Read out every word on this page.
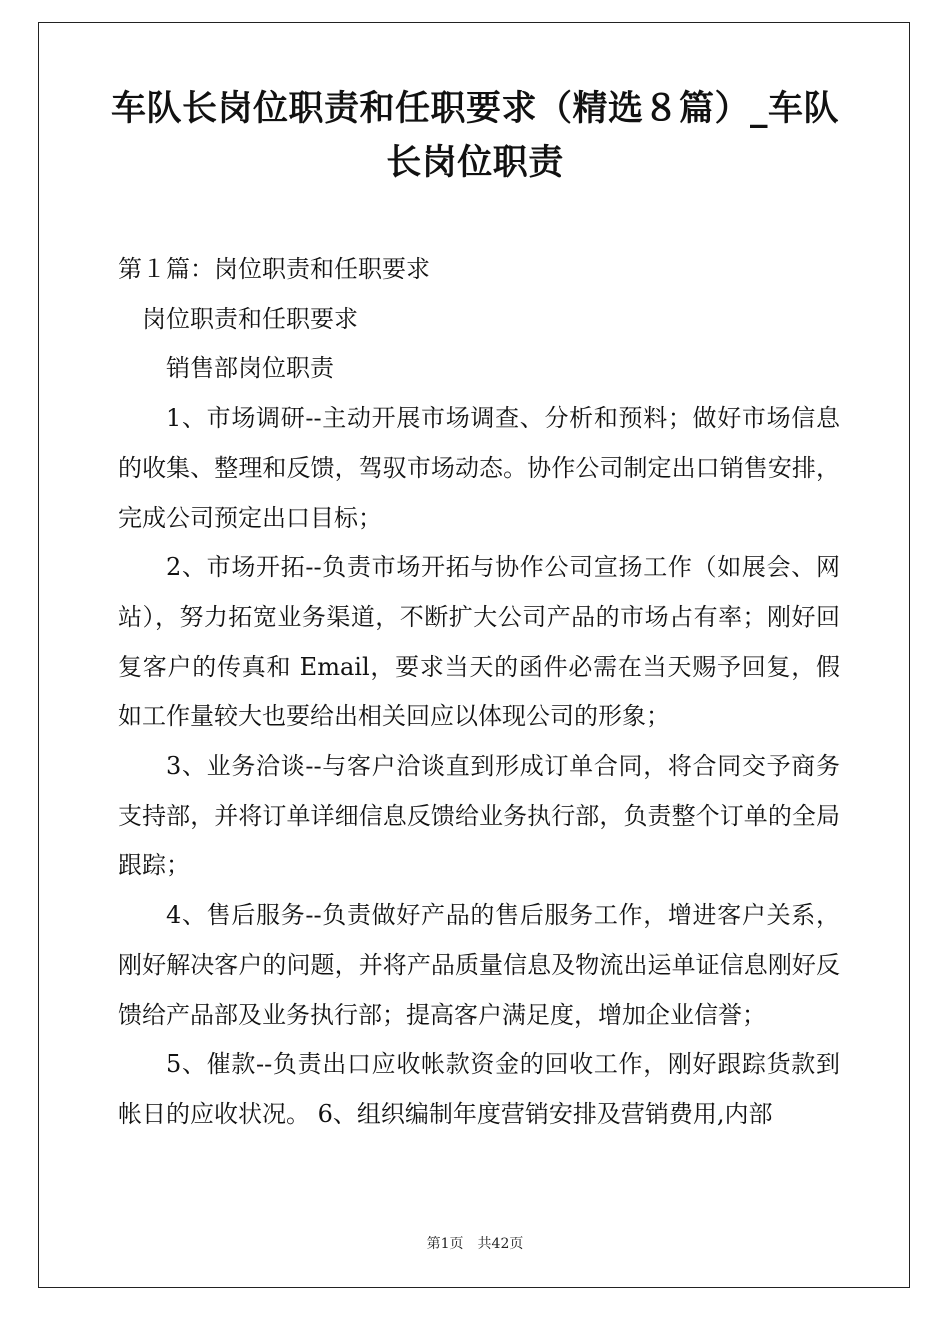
车队长岗位职责和任职要求（精选８篇）_车队长岗位职责

第１篇：岗位职责和任职要求

岗位职责和任职要求

销售部岗位职责

1、市场调研--主动开展市场调查、分析和预料；做好市场信息的收集、整理和反馈，驾驭市场动态。协作公司制定出口销售安排，完成公司预定出口目标；

2、市场开拓--负责市场开拓与协作公司宣扬工作（如展会、网站），努力拓宽业务渠道，不断扩大公司产品的市场占有率；刚好回复客户的传真和 Email，要求当天的函件必需在当天赐予回复，假如工作量较大也要给出相关回应以体现公司的形象；

3、业务洽谈--与客户洽谈直到形成订单合同，将合同交予商务支持部，并将订单详细信息反馈给业务执行部，负责整个订单的全局跟踪；

4、售后服务--负责做好产品的售后服务工作，增进客户关系，刚好解决客户的问题，并将产品质量信息及物流出运单证信息刚好反馈给产品部及业务执行部；提高客户满足度，增加企业信誉；

5、催款--负责出口应收帐款资金的回收工作，刚好跟踪货款到帐日的应收状况。 6、组织编制年度营销安排及营销费用,内部

第1页 共42页
